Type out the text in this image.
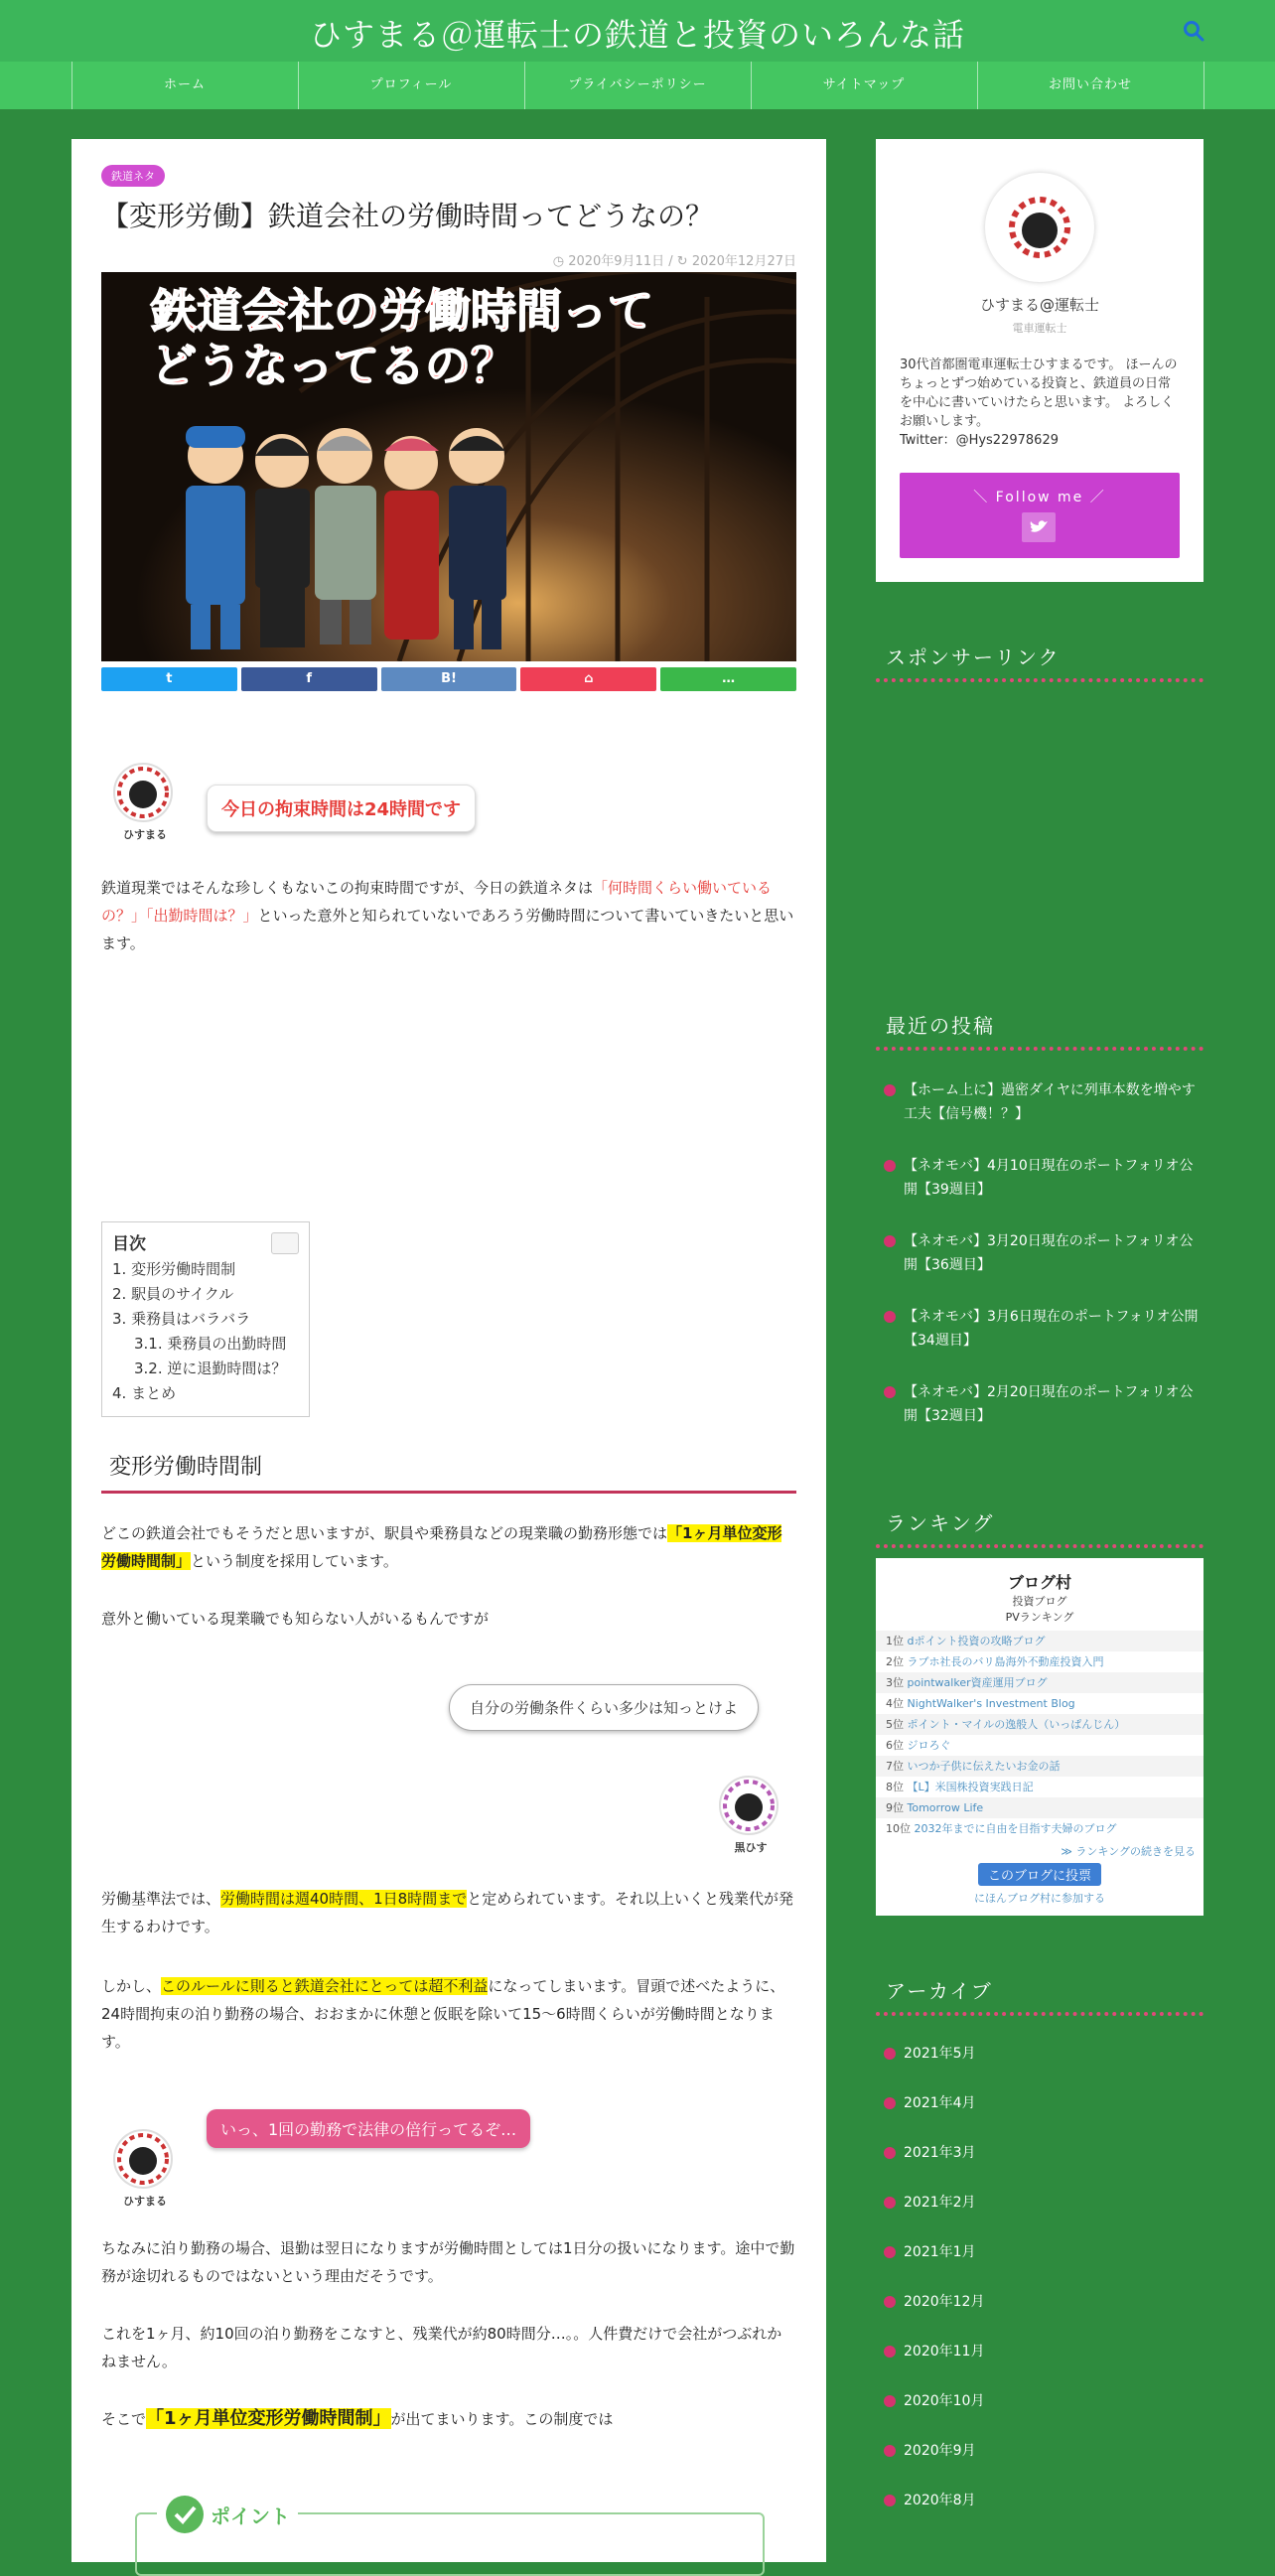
ひすまる＠運転士の鉄道と投資のいろんな話
ホーム	プロフィール	プライバシーポリシー	サイトマップ	お問い合わせ
鉄道ネタ
【変形労働】鉄道会社の労働時間ってどうなの？
◷ 2020年9月11日 / ↻ 2020年12月27日
鉄道会社の労働時間って
どうなってるの？
t	f	B!	⌂	…
ひすまる
今日の拘束時間は24時間です
鉄道現業ではそんな珍しくもないこの拘束時間ですが、今日の鉄道ネタは「何時間くらい働いているの？」「出勤時間は？」といった意外と知られていないであろう労働時間について書いていきたいと思います。
目次
1. 変形労働時間制
2. 駅員のサイクル
3. 乗務員はバラバラ
3.1. 乗務員の出勤時間
3.2. 逆に退勤時間は？
4. まとめ
変形労働時間制
どこの鉄道会社でもそうだと思いますが、駅員や乗務員などの現業職の勤務形態では「1ヶ月単位変形労働時間制」という制度を採用しています。
意外と働いている現業職でも知らない人がいるもんですが
自分の労働条件くらい多少は知っとけよ
黒ひす
労働基準法では、労働時間は週40時間、1日8時間までと定められています。それ以上いくと残業代が発生するわけです。
しかし、このルールに則ると鉄道会社にとっては超不利益になってしまいます。冒頭で述べたように、24時間拘束の泊り勤務の場合、おおまかに休憩と仮眠を除いて15～6時間くらいが労働時間となります。
ひすまる
いっ、1回の勤務で法律の倍行ってるぞ…
ちなみに泊り勤務の場合、退勤は翌日になりますが労働時間としては1日分の扱いになります。途中で勤務が途切れるものではないという理由だそうです。
これを1ヶ月、約10回の泊り勤務をこなすと、残業代が約80時間分…。。人件費だけで会社がつぶれかねません。
そこで「1ヶ月単位変形労働時間制」が出てまいります。この制度では
ポイント
ひすまる@運転士
電車運転士
30代首都圏電車運転士ひすまるです。 ほーんのちょっとずつ始めている投資と、鉄道員の日常を中心に書いていけたらと思います。 よろしくお願いします。
Twitter：@Hys22978629
＼ Follow me ／
スポンサーリンク
最近の投稿
【ホーム上に】過密ダイヤに列車本数を増やす工夫【信号機！？】
【ネオモバ】4月10日現在のポートフォリオ公開【39週目】
【ネオモバ】3月20日現在のポートフォリオ公開【36週目】
【ネオモバ】3月6日現在のポートフォリオ公開【34週目】
【ネオモバ】2月20日現在のポートフォリオ公開【32週目】
ランキング
ブログ村
投資ブログ
PVランキング
1位 dポイント投資の攻略ブログ
2位 ラブホ社長のバリ島海外不動産投資入門
3位 pointwalker資産運用ブログ
4位 NightWalker's Investment Blog
5位 ポイント・マイルの逸般人（いっぱんじん）
6位 ジロろぐ
7位 いつか子供に伝えたいお金の話
8位 【L】米国株投資実践日記
9位 Tomorrow Life
10位 2032年までに自由を目指す夫婦のブログ
≫ ランキングの続きを見る
このブログに投票
にほんブログ村に参加する
アーカイブ
2021年5月
2021年4月
2021年3月
2021年2月
2021年1月
2020年12月
2020年11月
2020年10月
2020年9月
2020年8月
